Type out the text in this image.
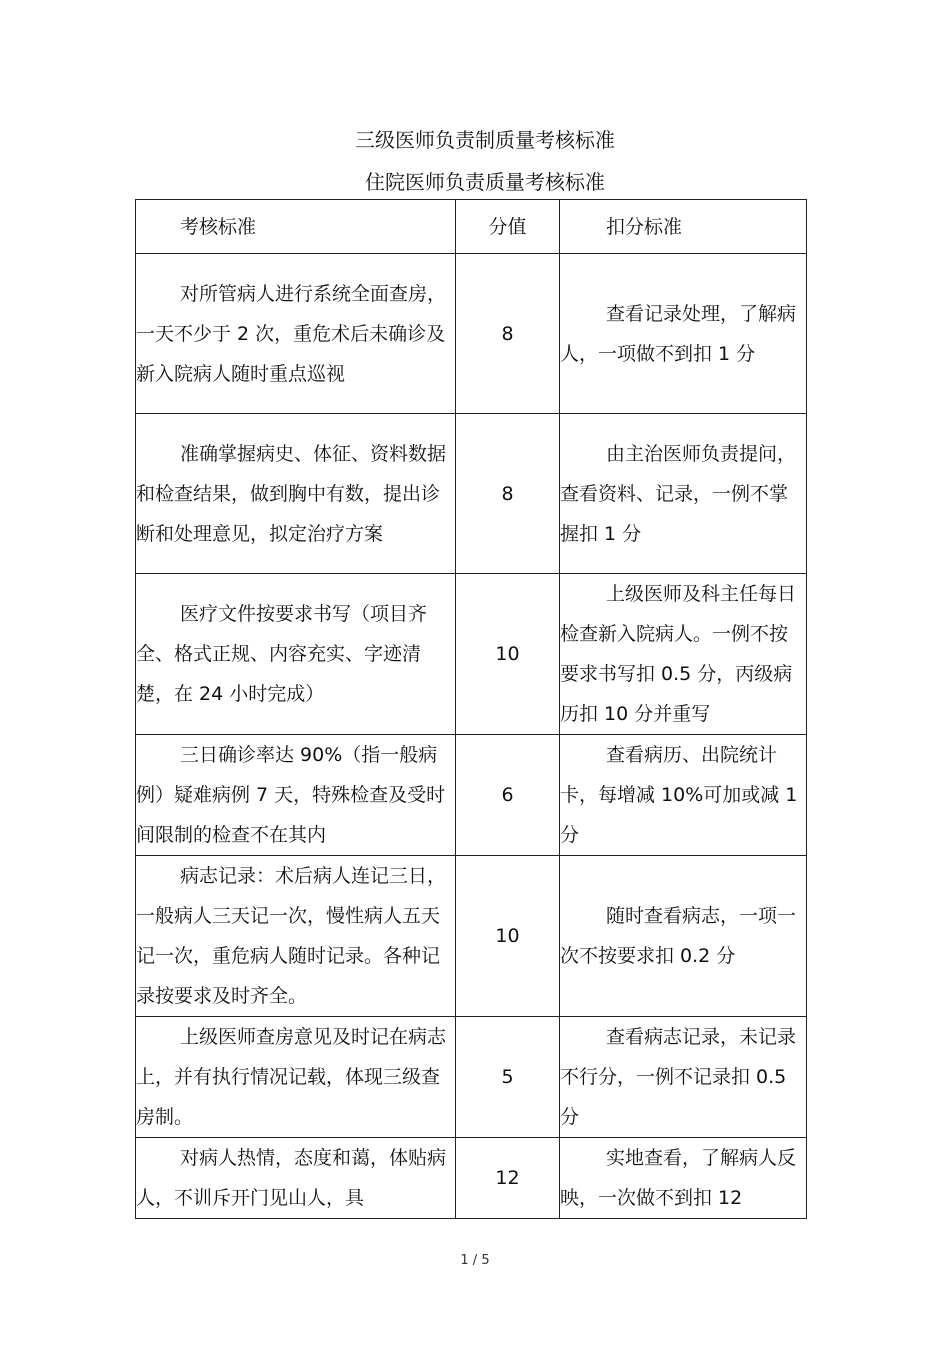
三级医师负责制质量考核标准
住院医师负责质量考核标准
考核标准	分值	扣分标准
对所管病人进行系统全面查房，一天不少于 2 次，重危术后未确诊及新入院病人随时重点巡视	8	查看记录处理，了解病人，一项做不到扣 1 分
准确掌握病史、体征、资料数据和检查结果，做到胸中有数，提出诊断和处理意见，拟定治疗方案	8	由主治医师负责提问，查看资料、记录，一例不掌握扣 1 分
医疗文件按要求书写（项目齐全、格式正规、内容充实、字迹清楚，在 24 小时完成）	10	上级医师及科主任每日检查新入院病人。一例不按要求书写扣 0.5 分，丙级病历扣 10 分并重写
三日确诊率达 90%（指一般病例）疑难病例 7 天，特殊检查及受时间限制的检查不在其内	6	查看病历、出院统计卡，每增减 10%可加或减 1 分
病志记录：术后病人连记三日，一般病人三天记一次，慢性病人五天记一次，重危病人随时记录。各种记录按要求及时齐全。	10	随时查看病志，一项一次不按要求扣 0.2 分
上级医师查房意见及时记在病志上，并有执行情况记载，体现三级查房制。	5	查看病志记录，未记录不行分，一例不记录扣 0.5 分
对病人热情，态度和蔼，体贴病人，不训斥开门见山人，具	12	实地查看，了解病人反映，一次做不到扣 12
1 / 5
